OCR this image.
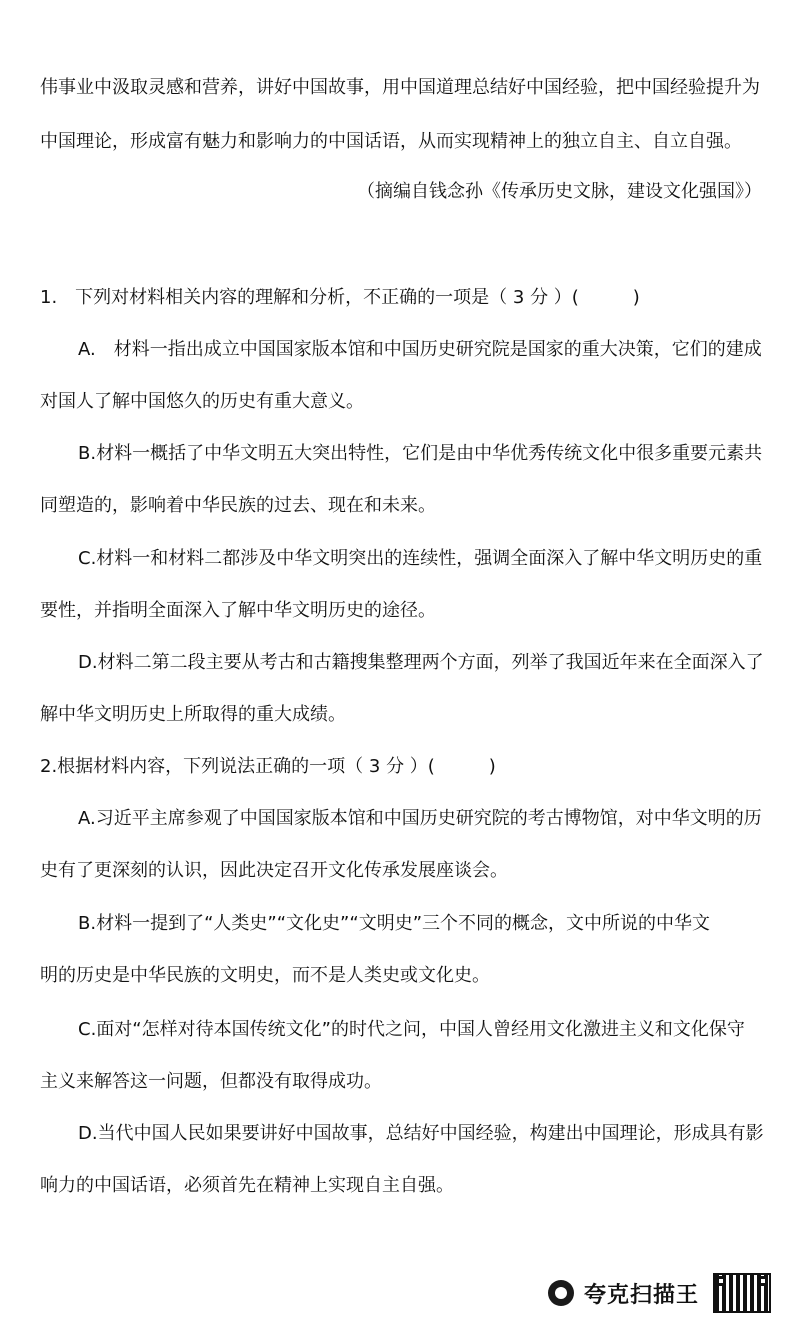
伟事业中汲取灵感和营养，讲好中国故事，用中国道理总结好中国经验，把中国经验提升为
中国理论，形成富有魅力和影响力的中国话语，从而实现精神上的独立自主、自立自强。
（摘编自钱念孙《传承历史文脉，建设文化强国》）
1.　下列对材料相关内容的理解和分析，不正确的一项是（ 3 分 ）(　　　)
A.　材料一指出成立中国国家版本馆和中国历史研究院是国家的重大决策，它们的建成
对国人了解中国悠久的历史有重大意义。
B.材料一概括了中华文明五大突出特性，它们是由中华优秀传统文化中很多重要元素共
同塑造的，影响着中华民族的过去、现在和未来。
C.材料一和材料二都涉及中华文明突出的连续性，强调全面深入了解中华文明历史的重
要性，并指明全面深入了解中华文明历史的途径。
D.材料二第二段主要从考古和古籍搜集整理两个方面，列举了我国近年来在全面深入了
解中华文明历史上所取得的重大成绩。
2.根据材料内容，下列说法正确的一项（ 3 分 ）(　　　)
A.习近平主席参观了中国国家版本馆和中国历史研究院的考古博物馆，对中华文明的历
史有了更深刻的认识，因此决定召开文化传承发展座谈会。
B.材料一提到了“人类史”“文化史”“文明史”三个不同的概念，文中所说的中华文
明的历史是中华民族的文明史，而不是人类史或文化史。
C.面对“怎样对待本国传统文化”的时代之问，中国人曾经用文化激进主义和文化保守
主义来解答这一问题，但都没有取得成功。
D.当代中国人民如果要讲好中国故事，总结好中国经验，构建出中国理论，形成具有影
响力的中国话语，必须首先在精神上实现自主自强。
夸克扫描王
